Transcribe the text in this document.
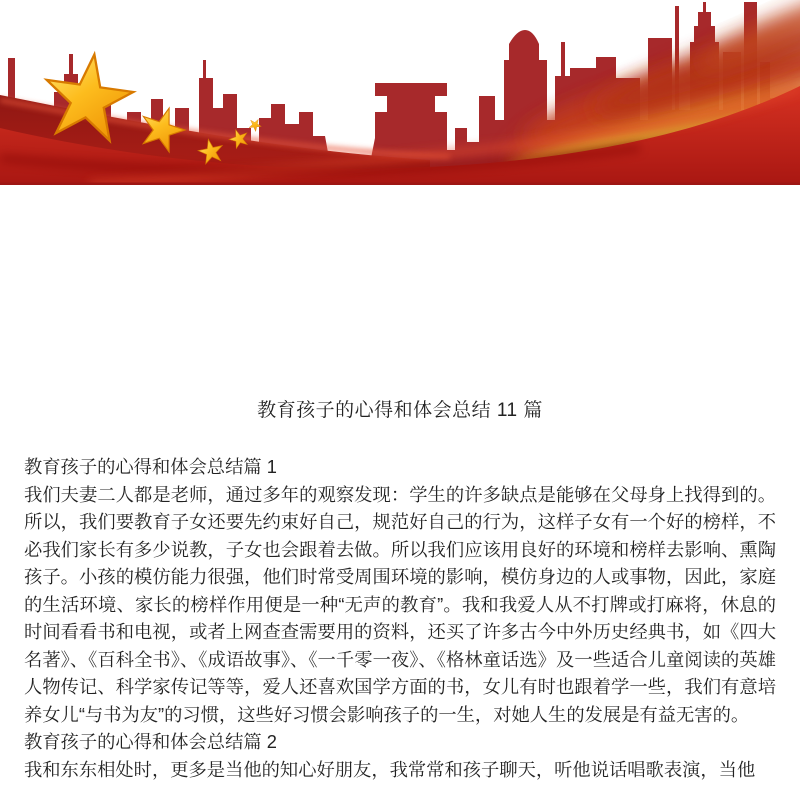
教育孩子的心得和体会总结 11 篇
教育孩子的心得和体会总结篇 1

我们夫妻二人都是老师，通过多年的观察发现：学生的许多缺点是能够在父母身上找得到的。所以，我们要教育子女还要先约束好自己，规范好自己的行为，这样子女有一个好的榜样，不必我们家长有多少说教，子女也会跟着去做。所以我们应该用良好的环境和榜样去影响、熏陶孩子。小孩的模仿能力很强，他们时常受周围环境的影响，模仿身边的人或事物，因此，家庭的生活环境、家长的榜样作用便是一种“无声的教育”。我和我爱人从不打牌或打麻将，休息的时间看看书和电视，或者上网查查需要用的资料，还买了许多古今中外历史经典书，如《四大名著》、《百科全书》、《成语故事》、《一千零一夜》、《格林童话选》及一些适合儿童阅读的英雄人物传记、科学家传记等等，爱人还喜欢国学方面的书，女儿有时也跟着学一些，我们有意培养女儿“与书为友”的习惯，这些好习惯会影响孩子的一生，对她人生的发展是有益无害的。

教育孩子的心得和体会总结篇 2

我和东东相处时，更多是当他的知心好朋友，我常常和孩子聊天，听他说话唱歌表演，当他
